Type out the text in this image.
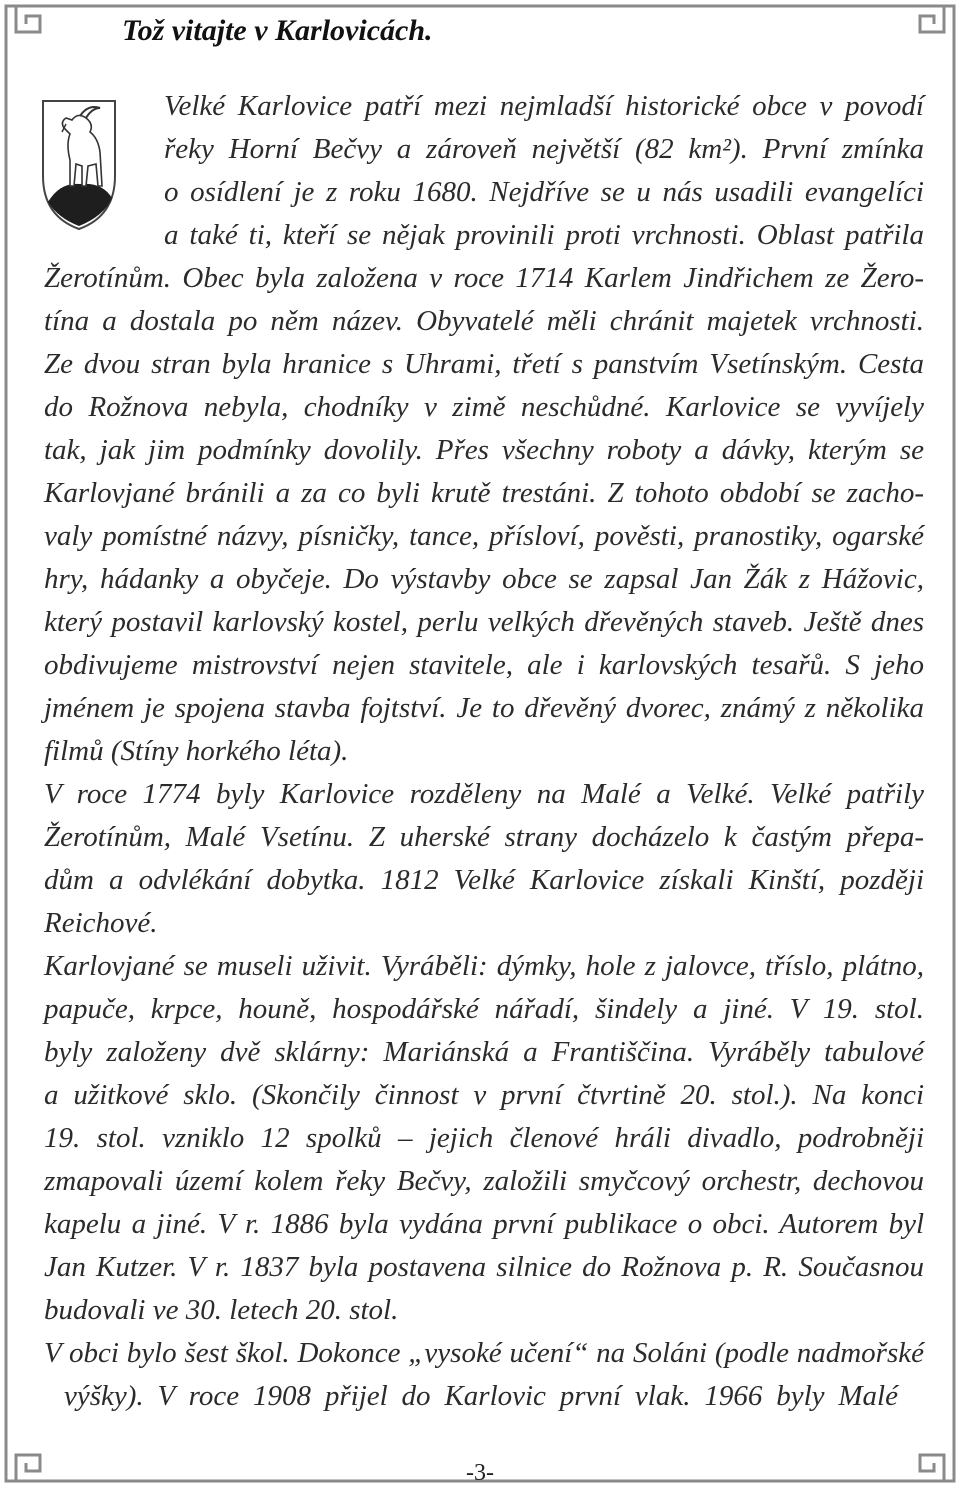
Tož vitajte v Karlovicách.
Velké Karlovice patří mezi nejmladší historické obce v povodí
řeky Horní Bečvy a zároveň největší (82 km²). První zmínka
o osídlení je z roku 1680. Nejdříve se u nás usadili evangelíci
a také ti, kteří se nějak provinili proti vrchnosti. Oblast patřila
Žerotínům. Obec byla založena v roce 1714 Karlem Jindřichem ze Žero-
tína a dostala po něm název. Obyvatelé měli chránit majetek vrchnosti.
Ze dvou stran byla hranice s Uhrami, třetí s panstvím Vsetínským. Cesta
do Rožnova nebyla, chodníky v zimě neschůdné. Karlovice se vyvíjely
tak, jak jim podmínky dovolily. Přes všechny roboty a dávky, kterým se
Karlovjané bránili a za co byli krutě trestáni. Z tohoto období se zacho-
valy pomístné názvy, písničky, tance, přísloví, pověsti, pranostiky, ogarské
hry, hádanky a obyčeje. Do výstavby obce se zapsal Jan Žák z Hážovic,
který postavil karlovský kostel, perlu velkých dřevěných staveb. Ještě dnes
obdivujeme mistrovství nejen stavitele, ale i karlovských tesařů. S jeho
jménem je spojena stavba fojtství. Je to dřevěný dvorec, známý z několika
filmů (Stíny horkého léta).
V roce 1774 byly Karlovice rozděleny na Malé a Velké. Velké patřily
Žerotínům, Malé Vsetínu. Z uherské strany docházelo k častým přepa-
dům a odvlékání dobytka. 1812 Velké Karlovice získali Kinští, později
Reichové.
Karlovjané se museli uživit. Vyráběli: dýmky, hole z jalovce, tříslo, plátno,
papuče, krpce, houně, hospodářské nářadí, šindely a jiné. V 19. stol.
byly založeny dvě sklárny: Mariánská a Františčina. Vyráběly tabulové
a užitkové sklo. (Skončily činnost v první čtvrtině 20. stol.). Na konci
19. stol. vzniklo 12 spolků – jejich členové hráli divadlo, podrobněji
zmapovali území kolem řeky Bečvy, založili smyčcový orchestr, dechovou
kapelu a jiné. V r. 1886 byla vydána první publikace o obci. Autorem byl
Jan Kutzer. V r. 1837 byla postavena silnice do Rožnova p. R. Současnou
budovali ve 30. letech 20. stol.
V obci bylo šest škol. Dokonce „vysoké učení“ na Soláni (podle nadmořské
výšky). V roce 1908 přijel do Karlovic první vlak. 1966 byly Malé
-3-
